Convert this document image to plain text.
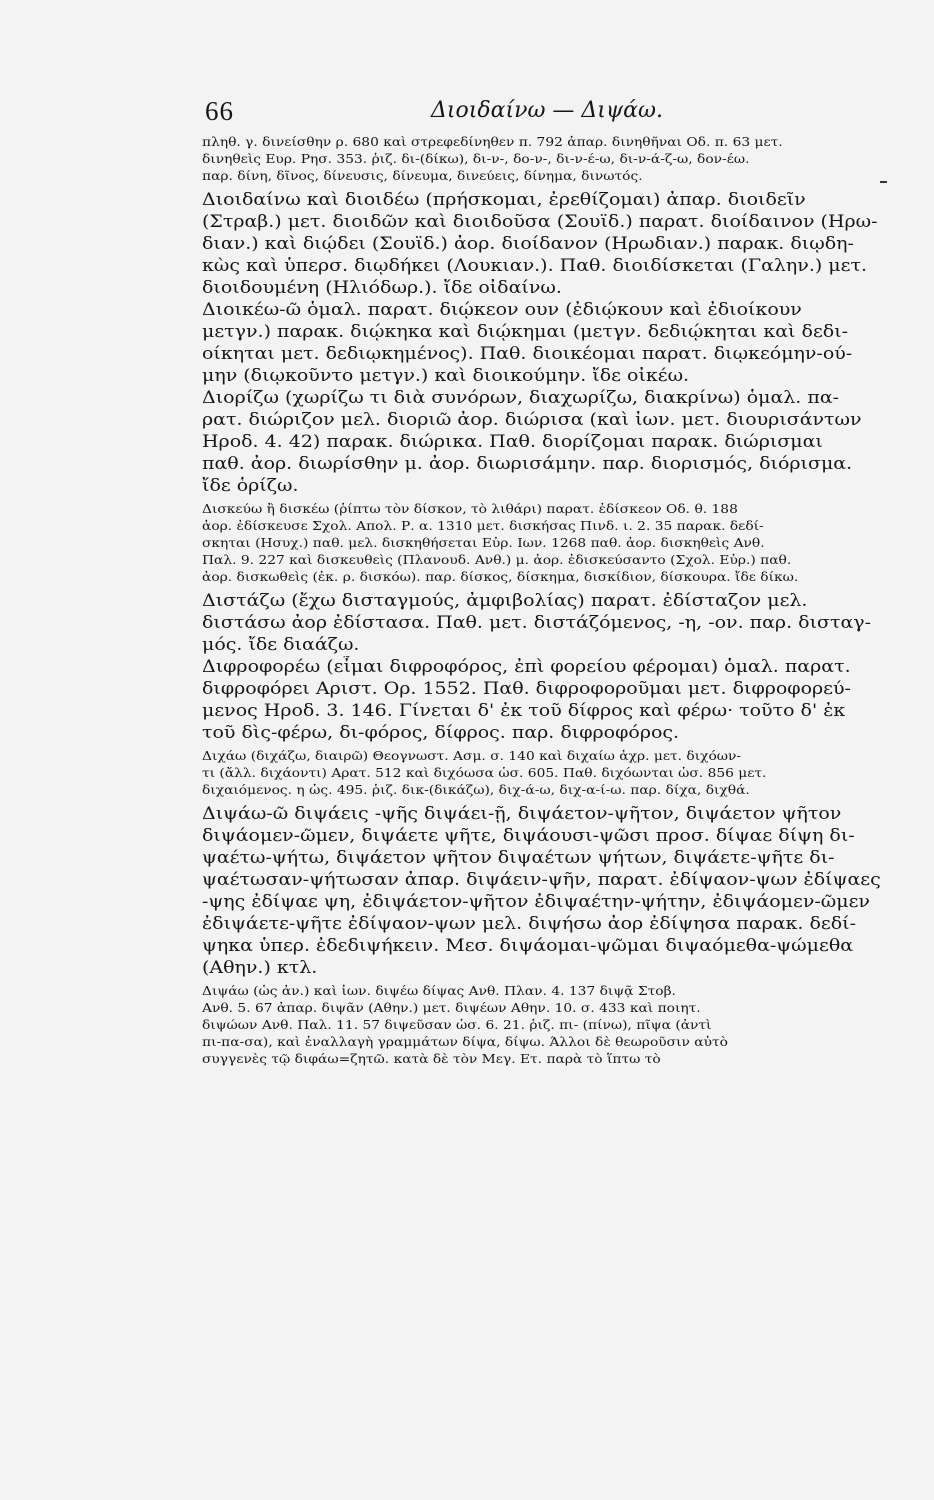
66	Διοιδαίνω — Διψάω.
πληθ. γ. δινείσθην ρ. 680 καὶ στρεφεδίνηθεν π. 792 ἀπαρ. δινηθῆναι Οδ. π. 63 μετ.
δινηθεὶς Ευρ. Ρησ. 353. ῥιζ. δι-(δίκω), δι-ν-, δο-ν-, δι-ν-έ-ω, δι-ν-ά-ζ-ω, δον-έω.
παρ. δίνη, δῖνος, δίνευσις, δίνευμα, δινεύεις, δίνημα, δινωτός.
Διοιδαίνω καὶ διοιδέω (πρήσκομαι, ἐρεθίζομαι) ἀπαρ. διοιδεῖν
(Στραβ.) μετ. διοιδῶν καὶ διοιδοῦσα (Σουϊδ.) παρατ. διοίδαινον (Ηρω-
διαν.) καὶ διῴδει (Σουϊδ.) ἀορ. διοίδανον (Ηρωδιαν.) παρακ. διῳδη-
κὼς καὶ ὑπερσ. διῳδήκει (Λουκιαν.). Παθ. διοιδίσκεται (Γαλην.) μετ.
διοιδουμένη (Ηλιόδωρ.). ἴδε οἰδαίνω.
Διοικέω-ῶ ὁμαλ. παρατ. διῴκεον ουν (ἐδιῴκουν καὶ ἐδιοίκουν
μετγν.) παρακ. διῴκηκα καὶ διῴκημαι (μετγν. δεδιῴκηται καὶ δεδι-
οίκηται μετ. δεδιῳκημένος). Παθ. διοικέομαι παρατ. διῳκεόμην-ού-
μην (διῳκοῦντο μετγν.) καὶ διοικούμην. ἴδε οἰκέω.
Διορίζω (χωρίζω τι διὰ συνόρων, διαχωρίζω, διακρίνω) ὁμαλ. πα-
ρατ. διώριζον μελ. διοριῶ ἀορ. διώρισα (καὶ ἰων. μετ. διουρισάντων
Ηροδ. 4. 42) παρακ. διώρικα. Παθ. διορίζομαι παρακ. διώρισμαι
παθ. ἀορ. διωρίσθην μ. ἀορ. διωρισάμην. παρ. διορισμός, διόρισμα.
ἴδε ὁρίζω.
Δισκεύω ἢ δισκέω (ῥίπτω τὸν δίσκον, τὸ λιθάρι) παρατ. ἐδίσκεον Οδ. θ. 188
ἀορ. ἐδίσκευσε Σχολ. Απολ. Ρ. α. 1310 μετ. δισκήσας Πινδ. ι. 2. 35 παρακ. δεδί-
σκηται (Ησυχ.) παθ. μελ. δισκηθήσεται Εὐρ. Ιων. 1268 παθ. ἀορ. δισκηθεὶς Ανθ.
Παλ. 9. 227 καὶ δισκευθεὶς (Πλανουδ. Ανθ.) μ. ἀορ. ἐδισκεύσαντο (Σχολ. Εὐρ.) παθ.
ἀορ. δισκωθεὶς (ἐκ. ρ. δισκόω). παρ. δίσκος, δίσκημα, δισκίδιον, δίσκουρα. ἴδε δίκω.
Διστάζω (ἔχω δισταγμούς, ἀμφιβολίας) παρατ. ἐδίσταζον μελ.
διστάσω ἀορ ἐδίστασα. Παθ. μετ. διστάζόμενος, -η, -ον. παρ. δισταγ-
μός. ἴδε διαάζω.
Διφροφορέω (εἶμαι διφροφόρος, ἐπὶ φορείου φέρομαι) ὁμαλ. παρατ.
διφροφόρει Αριστ. Ορ. 1552. Παθ. διφροφοροῦμαι μετ. διφροφορεύ-
μενος Ηροδ. 3. 146. Γίνεται δ' ἐκ τοῦ δίφρος καὶ φέρω· τοῦτο δ' ἐκ
τοῦ δὶς-φέρω, δι-φόρος, δίφρος. παρ. διφροφόρος.
Διχάω (διχάζω, διαιρῶ) Θεογνωστ. Ασμ. σ. 140 καὶ διχαίω ἀχρ. μετ. διχόων-
τι (ἄλλ. διχάοντι) Αρατ. 512 καὶ διχόωσα ὡσ. 605. Παθ. διχόωνται ὡσ. 856 μετ.
διχαιόμενος. η ὡς. 495. ῥιζ. δικ-(δικάζω), διχ-ά-ω, διχ-α-ί-ω. παρ. δίχα, διχθά.
Διψάω-ῶ διψάεις -ψῆς διψάει-ῇ, διψάετον-ψῆτον, διψάετον ψῆτον
διψάομεν-ῶμεν, διψάετε ψῆτε, διψάουσι-ψῶσι προσ. δίψαε δίψη δι-
ψαέτω-ψήτω, διψάετον ψῆτον διψαέτων ψήτων, διψάετε-ψῆτε δι-
ψαέτωσαν-ψήτωσαν ἀπαρ. διψάειν-ψῆν, παρατ. ἐδίψαον-ψων ἐδίψαες
-ψης ἐδίψαε ψη, ἐδιψάετον-ψῆτον ἐδιψαέτην-ψήτην, ἐδιψάομεν-ῶμεν
ἐδιψάετε-ψῆτε ἐδίψαον-ψων μελ. διψήσω ἀορ ἐδίψησα παρακ. δεδί-
ψηκα ὑπερ. ἐδεδιψήκειν. Μεσ. διψάομαι-ψῶμαι διψαόμεθα-ψώμεθα
(Αθην.) κτλ.
Διψάω (ὡς ἀν.) καὶ ἰων. διψέω δίψας Ανθ. Πλαν. 4. 137 διψᾷ Στοβ.
Ανθ. 5. 67 ἀπαρ. διψᾶν (Αθην.) μετ. διψέων Αθην. 10. σ. 433 καὶ ποιητ.
διψώων Ανθ. Παλ. 11. 57 διψεῦσαν ὡσ. 6. 21. ῥιζ. πι- (πίνω), πῖψα (ἀντὶ
πι-πα-σα), καὶ ἐναλλαγὴ γραμμάτων δίψα, δίψω. Άλλοι δὲ θεωροῦσιν αὐτὸ
συγγενὲς τῷ διφάω=ζητῶ. κατὰ δὲ τὸν Μεγ. Ετ. παρὰ τὸ ἵπτω τὸ
